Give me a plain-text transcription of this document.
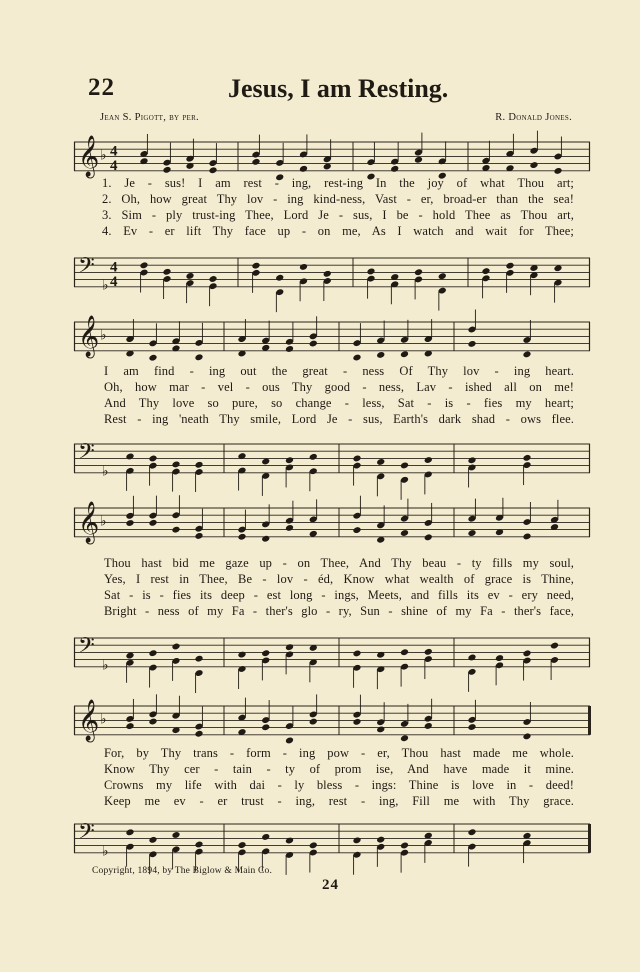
22	Jesus, I am Resting.
Jean S. Pigott, by per.	R. Donald Jones.
𝄞 ♭ 4
4
1. Je - sus! I am rest - ing, rest-ing In the joy of what Thou art;
2. Oh, how great Thy lov - ing kind-ness, Vast - er, broad-er than the sea!
3. Sim - ply trust-ing Thee, Lord Je - sus, I be - hold Thee as Thou art,
4. Ev - er lift Thy face up - on me, As I watch and wait for Thee;
𝄢
♭
4
4
𝄞 ♭
I am find - ing out the great - ness Of Thy lov - ing heart.
Oh, how mar - vel - ous Thy good - ness, Lav - ished all on me!
And Thy love so pure, so change - less, Sat - is - fies my heart;
Rest - ing 'neath Thy smile, Lord Je - sus, Earth's dark shad - ows flee.
𝄢
♭
𝄞 ♭
Thou hast bid me gaze up - on Thee, And Thy beau - ty fills my soul,
Yes, I rest in Thee, Be - lov - éd, Know what wealth of grace is Thine,
Sat - is - fies its deep - est long - ings, Meets, and fills its ev - ery need,
Bright - ness of my Fa - ther's glo - ry, Sun - shine of my Fa - ther's face,
𝄢
♭
𝄞 ♭
For, by Thy trans - form - ing pow - er, Thou hast made me whole.
Know Thy cer - tain - ty of prom ise, And have made it mine.
Crowns my life with dai - ly bless - ings: Thine is love in - deed!
Keep me ev - er trust - ing, rest - ing, Fill me with Thy grace.
𝄢
♭
Copyright, 1894, by The Biglow & Main Co.
24
